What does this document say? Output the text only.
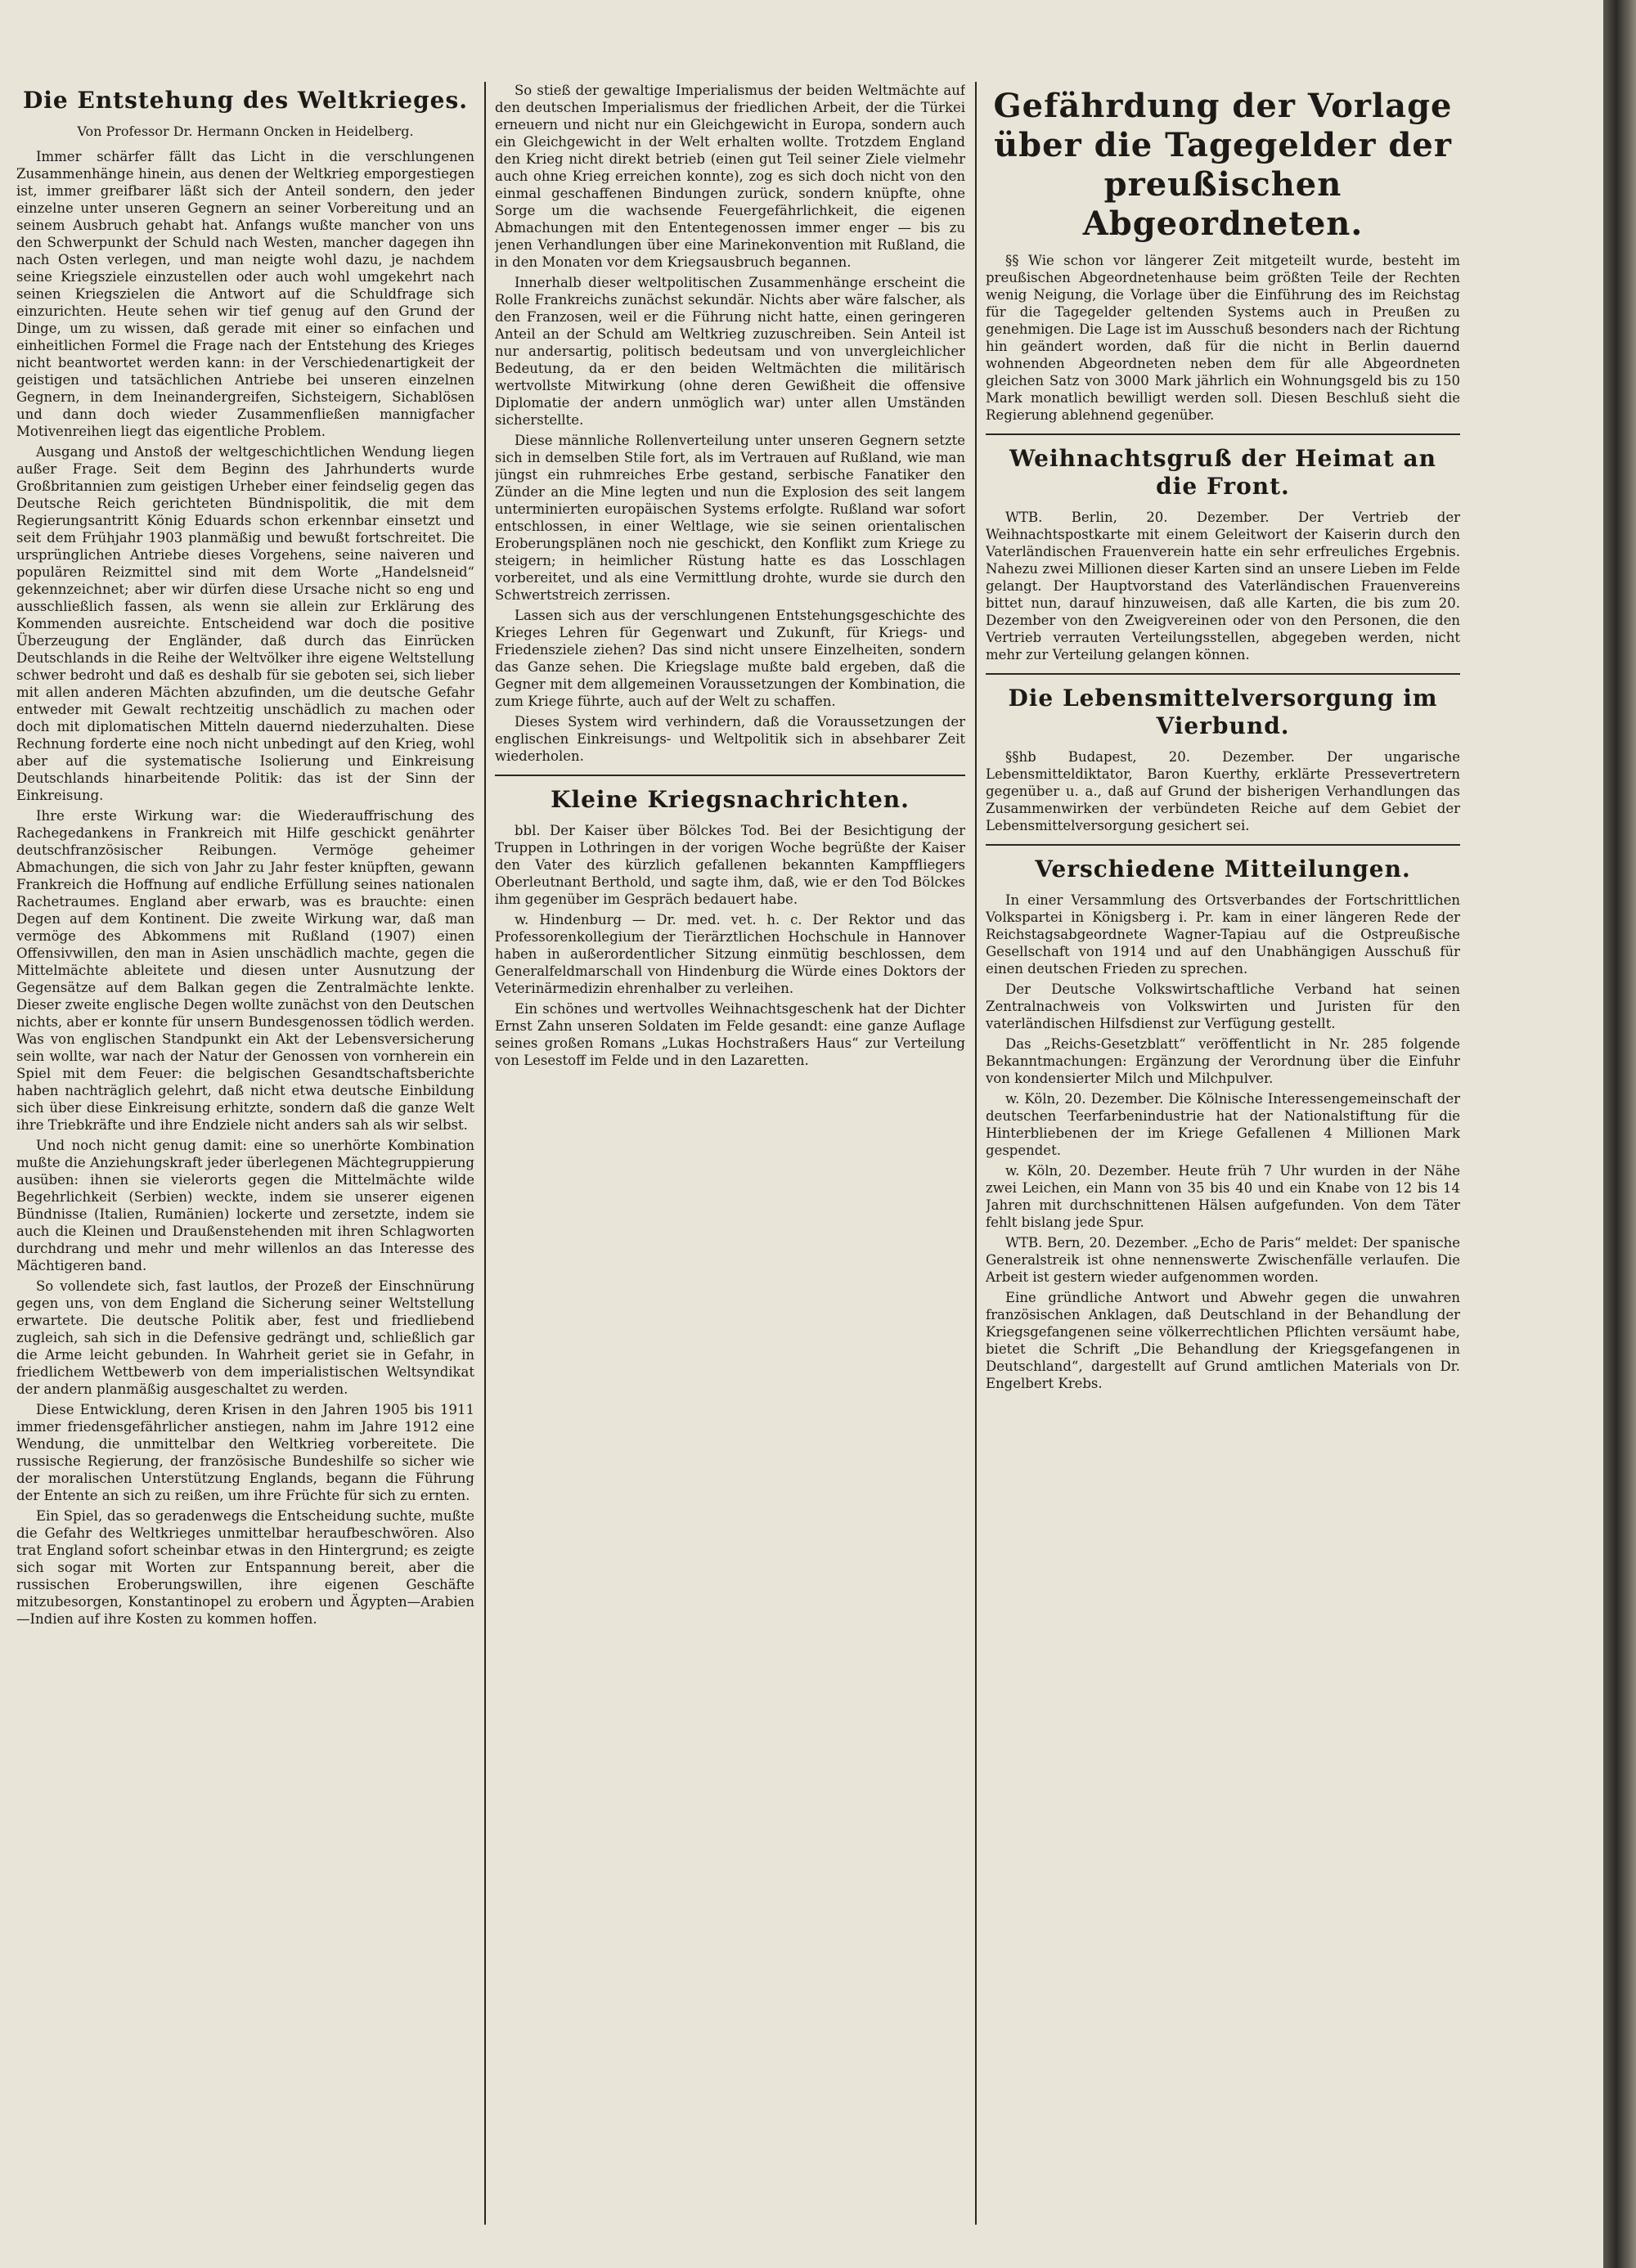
Die Entstehung des Weltkrieges.
Von Professor Dr. Hermann Oncken in Heidelberg.

Immer schärfer fällt das Licht in die verschlungenen Zusammenhänge hinein, aus denen der Weltkrieg emporgestiegen ist, immer greifbarer läßt sich der Anteil sondern, den jeder einzelne unter unseren Gegnern an seiner Vorbereitung und an seinem Ausbruch gehabt hat. Anfangs wußte mancher von uns den Schwerpunkt der Schuld nach Westen, mancher dagegen ihn nach Osten verlegen, und man neigte wohl dazu, je nachdem seine Kriegsziele einzustellen oder auch wohl umgekehrt nach seinen Kriegszielen die Antwort auf die Schuldfrage sich einzurichten. Heute sehen wir tief genug auf den Grund der Dinge, um zu wissen, daß gerade mit einer so einfachen und einheitlichen Formel die Frage nach der Entstehung des Krieges nicht beantwortet werden kann: in der Verschiedenartigkeit der geistigen und tatsächlichen Antriebe bei unseren einzelnen Gegnern, in dem Ineinandergreifen, Sichsteigern, Sichablösen und dann doch wieder Zusammenfließen mannigfacher Motivenreihen liegt das eigentliche Problem.

Ausgang und Anstoß der weltgeschichtlichen Wendung liegen außer Frage. Seit dem Beginn des Jahrhunderts wurde Großbritannien zum geistigen Urheber einer feindselig gegen das Deutsche Reich gerichteten Bündnispolitik, die mit dem Regierungsantritt König Eduards schon erkennbar einsetzt und seit dem Frühjahr 1903 planmäßig und bewußt fortschreitet. Die ursprünglichen Antriebe dieses Vorgehens, seine naiveren und populären Reizmittel sind mit dem Worte „Handelsneid“ gekennzeichnet; aber wir dürfen diese Ursache nicht so eng und ausschließlich fassen, als wenn sie allein zur Erklärung des Kommenden ausreichte. Entscheidend war doch die positive Überzeugung der Engländer, daß durch das Einrücken Deutschlands in die Reihe der Weltvölker ihre eigene Weltstellung schwer bedroht und daß es deshalb für sie geboten sei, sich lieber mit allen anderen Mächten abzufinden, um die deutsche Gefahr entweder mit Gewalt rechtzeitig unschädlich zu machen oder doch mit diplomatischen Mitteln dauernd niederzuhalten. Diese Rechnung forderte eine noch nicht unbedingt auf den Krieg, wohl aber auf die systematische Isolierung und Einkreisung Deutschlands hinarbeitende Politik: das ist der Sinn der Einkreisung.

Ihre erste Wirkung war: die Wiederauffrischung des Rachegedankens in Frankreich mit Hilfe geschickt genährter deutschfranzösischer Reibungen. Vermöge geheimer Abmachungen, die sich von Jahr zu Jahr fester knüpften, gewann Frankreich die Hoffnung auf endliche Erfüllung seines nationalen Rachetraumes. England aber erwarb, was es brauchte: einen Degen auf dem Kontinent. Die zweite Wirkung war, daß man vermöge des Abkommens mit Rußland (1907) einen Offensivwillen, den man in Asien unschädlich machte, gegen die Mittelmächte ableitete und diesen unter Ausnutzung der Gegensätze auf dem Balkan gegen die Zentralmächte lenkte. Dieser zweite englische Degen wollte zunächst von den Deutschen nichts, aber er konnte für unsern Bundesgenossen tödlich werden. Was von englischen Standpunkt ein Akt der Lebensversicherung sein wollte, war nach der Natur der Genossen von vornherein ein Spiel mit dem Feuer: die belgischen Gesandtschaftsberichte haben nachträglich gelehrt, daß nicht etwa deutsche Einbildung sich über diese Einkreisung erhitzte, sondern daß die ganze Welt ihre Triebkräfte und ihre Endziele nicht anders sah als wir selbst.

Und noch nicht genug damit: eine so unerhörte Kombination mußte die Anziehungskraft jeder überlegenen Mächtegruppierung ausüben: ihnen sie vielerorts gegen die Mittelmächte wilde Begehrlichkeit (Serbien) weckte, indem sie unserer eigenen Bündnisse (Italien, Rumänien) lockerte und zersetzte, indem sie auch die Kleinen und Draußenstehenden mit ihren Schlagworten durchdrang und mehr und mehr willenlos an das Interesse des Mächtigeren band.

So vollendete sich, fast lautlos, der Prozeß der Einschnürung gegen uns, von dem England die Sicherung seiner Weltstellung erwartete. Die deutsche Politik aber, fest und friedliebend zugleich, sah sich in die Defensive gedrängt und, schließlich gar die Arme leicht gebunden. In Wahrheit geriet sie in Gefahr, in friedlichem Wettbewerb von dem imperialistischen Weltsyndikat der andern planmäßig ausgeschaltet zu werden.

Diese Entwicklung, deren Krisen in den Jahren 1905 bis 1911 immer friedensgefährlicher anstiegen, nahm im Jahre 1912 eine Wendung, die unmittelbar den Weltkrieg vorbereitete. Die russische Regierung, der französische Bundeshilfe so sicher wie der moralischen Unterstützung Englands, begann die Führung der Entente an sich zu reißen, um ihre Früchte für sich zu ernten.

Ein Spiel, das so geradenwegs die Entscheidung suchte, mußte die Gefahr des Weltkrieges unmittelbar heraufbeschwören. Also trat England sofort scheinbar etwas in den Hintergrund; es zeigte sich sogar mit Worten zur Entspannung bereit, aber die russischen Eroberungswillen, ihre eigenen Geschäfte mitzubesorgen, Konstantinopel zu erobern und Ägypten—Arabien—Indien auf ihre Kosten zu kommen hoffen.

So stieß der gewaltige Imperialismus der beiden Weltmächte auf den deutschen Imperialismus der friedlichen Arbeit, der die Türkei erneuern und nicht nur ein Gleichgewicht in Europa, sondern auch ein Gleichgewicht in der Welt erhalten wollte. Trotzdem England den Krieg nicht direkt betrieb (einen gut Teil seiner Ziele vielmehr auch ohne Krieg erreichen konnte), zog es sich doch nicht von den einmal geschaffenen Bindungen zurück, sondern knüpfte, ohne Sorge um die wachsende Feuergefährlichkeit, die eigenen Abmachungen mit den Ententegenossen immer enger — bis zu jenen Verhandlungen über eine Marinekonvention mit Rußland, die in den Monaten vor dem Kriegsausbruch begannen.

Innerhalb dieser weltpolitischen Zusammenhänge erscheint die Rolle Frankreichs zunächst sekundär. Nichts aber wäre falscher, als den Franzosen, weil er die Führung nicht hatte, einen geringeren Anteil an der Schuld am Weltkrieg zuzuschreiben. Sein Anteil ist nur andersartig, politisch bedeutsam und von unvergleichlicher Bedeutung, da er den beiden Weltmächten die militärisch wertvollste Mitwirkung (ohne deren Gewißheit die offensive Diplomatie der andern unmöglich war) unter allen Umständen sicherstellte.

Diese männliche Rollenverteilung unter unseren Gegnern setzte sich in demselben Stile fort, als im Vertrauen auf Rußland, wie man jüngst ein ruhmreiches Erbe gestand, serbische Fanatiker den Zünder an die Mine legten und nun die Explosion des seit langem unterminierten europäischen Systems erfolgte. Rußland war sofort entschlossen, in einer Weltlage, wie sie seinen orientalischen Eroberungsplänen noch nie geschickt, den Konflikt zum Kriege zu steigern; in heimlicher Rüstung hatte es das Losschlagen vorbereitet, und als eine Vermittlung drohte, wurde sie durch den Schwertstreich zerrissen.

Lassen sich aus der verschlungenen Entstehungsgeschichte des Krieges Lehren für Gegenwart und Zukunft, für Kriegs- und Friedensziele ziehen? Das sind nicht unsere Einzelheiten, sondern das Ganze sehen. Die Kriegslage mußte bald ergeben, daß die Gegner mit dem allgemeinen Voraussetzungen der Kombination, die zum Kriege führte, auch auf der Welt zu schaffen.

Dieses System wird verhindern, daß die Voraussetzungen der englischen Einkreisungs- und Weltpolitik sich in absehbarer Zeit wiederholen.

Kleine Kriegsnachrichten.

bbl. Der Kaiser über Bölckes Tod. Bei der Besichtigung der Truppen in Lothringen in der vorigen Woche begrüßte der Kaiser den Vater des kürzlich gefallenen bekannten Kampffliegers Oberleutnant Berthold, und sagte ihm, daß, wie er den Tod Bölckes ihm gegenüber im Gespräch bedauert habe.

w. Hindenburg — Dr. med. vet. h. c. Der Rektor und das Professorenkollegium der Tierärztlichen Hochschule in Hannover haben in außerordentlicher Sitzung einmütig beschlossen, dem Generalfeldmarschall von Hindenburg die Würde eines Doktors der Veterinärmedizin ehrenhalber zu verleihen.

Ein schönes und wertvolles Weihnachtsgeschenk hat der Dichter Ernst Zahn unseren Soldaten im Felde gesandt: eine ganze Auflage seines großen Romans „Lukas Hochstraßers Haus“ zur Verteilung von Lesestoff im Felde und in den Lazaretten.

Gefährdung der Vorlage über die Tagegelder der preußischen Abgeordneten.

§§ Wie schon vor längerer Zeit mitgeteilt wurde, besteht im preußischen Abgeordnetenhause beim größten Teile der Rechten wenig Neigung, die Vorlage über die Einführung des im Reichstag für die Tagegelder geltenden Systems auch in Preußen zu genehmigen. Die Lage ist im Ausschuß besonders nach der Richtung hin geändert worden, daß für die nicht in Berlin dauernd wohnenden Abgeordneten neben dem für alle Abgeordneten gleichen Satz von 3000 Mark jährlich ein Wohnungsgeld bis zu 150 Mark monatlich bewilligt werden soll. Diesen Beschluß sieht die Regierung ablehnend gegenüber.

Weihnachtsgruß der Heimat an die Front.

WTB. Berlin, 20. Dezember. Der Vertrieb der Weihnachtspostkarte mit einem Geleitwort der Kaiserin durch den Vaterländischen Frauenverein hatte ein sehr erfreuliches Ergebnis. Nahezu zwei Millionen dieser Karten sind an unsere Lieben im Felde gelangt. Der Hauptvorstand des Vaterländischen Frauenvereins bittet nun, darauf hinzuweisen, daß alle Karten, die bis zum 20. Dezember von den Zweigvereinen oder von den Personen, die den Vertrieb verrauten Verteilungsstellen, abgegeben werden, nicht mehr zur Verteilung gelangen können.

Die Lebensmittelversorgung im Vierbund.

§§hb Budapest, 20. Dezember. Der ungarische Lebensmitteldiktator, Baron Kuerthy, erklärte Pressevertretern gegenüber u. a., daß auf Grund der bisherigen Verhandlungen das Zusammenwirken der verbündeten Reiche auf dem Gebiet der Lebensmittelversorgung gesichert sei.

Verschiedene Mitteilungen.

In einer Versammlung des Ortsverbandes der Fortschrittlichen Volkspartei in Königsberg i. Pr. kam in einer längeren Rede der Reichstagsabgeordnete Wagner-Tapiau auf die Ostpreußische Gesellschaft von 1914 und auf den Unabhängigen Ausschuß für einen deutschen Frieden zu sprechen.

Der Deutsche Volkswirtschaftliche Verband hat seinen Zentralnachweis von Volkswirten und Juristen für den vaterländischen Hilfsdienst zur Verfügung gestellt.

Das „Reichs-Gesetzblatt“ veröffentlicht in Nr. 285 folgende Bekanntmachungen: Ergänzung der Verordnung über die Einfuhr von kondensierter Milch und Milchpulver.

w. Köln, 20. Dezember. Die Kölnische Interessengemeinschaft der deutschen Teerfarbenindustrie hat der Nationalstiftung für die Hinterbliebenen der im Kriege Gefallenen 4 Millionen Mark gespendet.

w. Köln, 20. Dezember. Heute früh 7 Uhr wurden in der Nähe zwei Leichen, ein Mann von 35 bis 40 und ein Knabe von 12 bis 14 Jahren mit durchschnittenen Hälsen aufgefunden. Von dem Täter fehlt bislang jede Spur.

WTB. Bern, 20. Dezember. „Echo de Paris“ meldet: Der spanische Generalstreik ist ohne nennenswerte Zwischenfälle verlaufen. Die Arbeit ist gestern wieder aufgenommen worden.

Eine gründliche Antwort und Abwehr gegen die unwahren französischen Anklagen, daß Deutschland in der Behandlung der Kriegsgefangenen seine völkerrechtlichen Pflichten versäumt habe, bietet die Schrift „Die Behandlung der Kriegsgefangenen in Deutschland“, dargestellt auf Grund amtlichen Materials von Dr. Engelbert Krebs.
